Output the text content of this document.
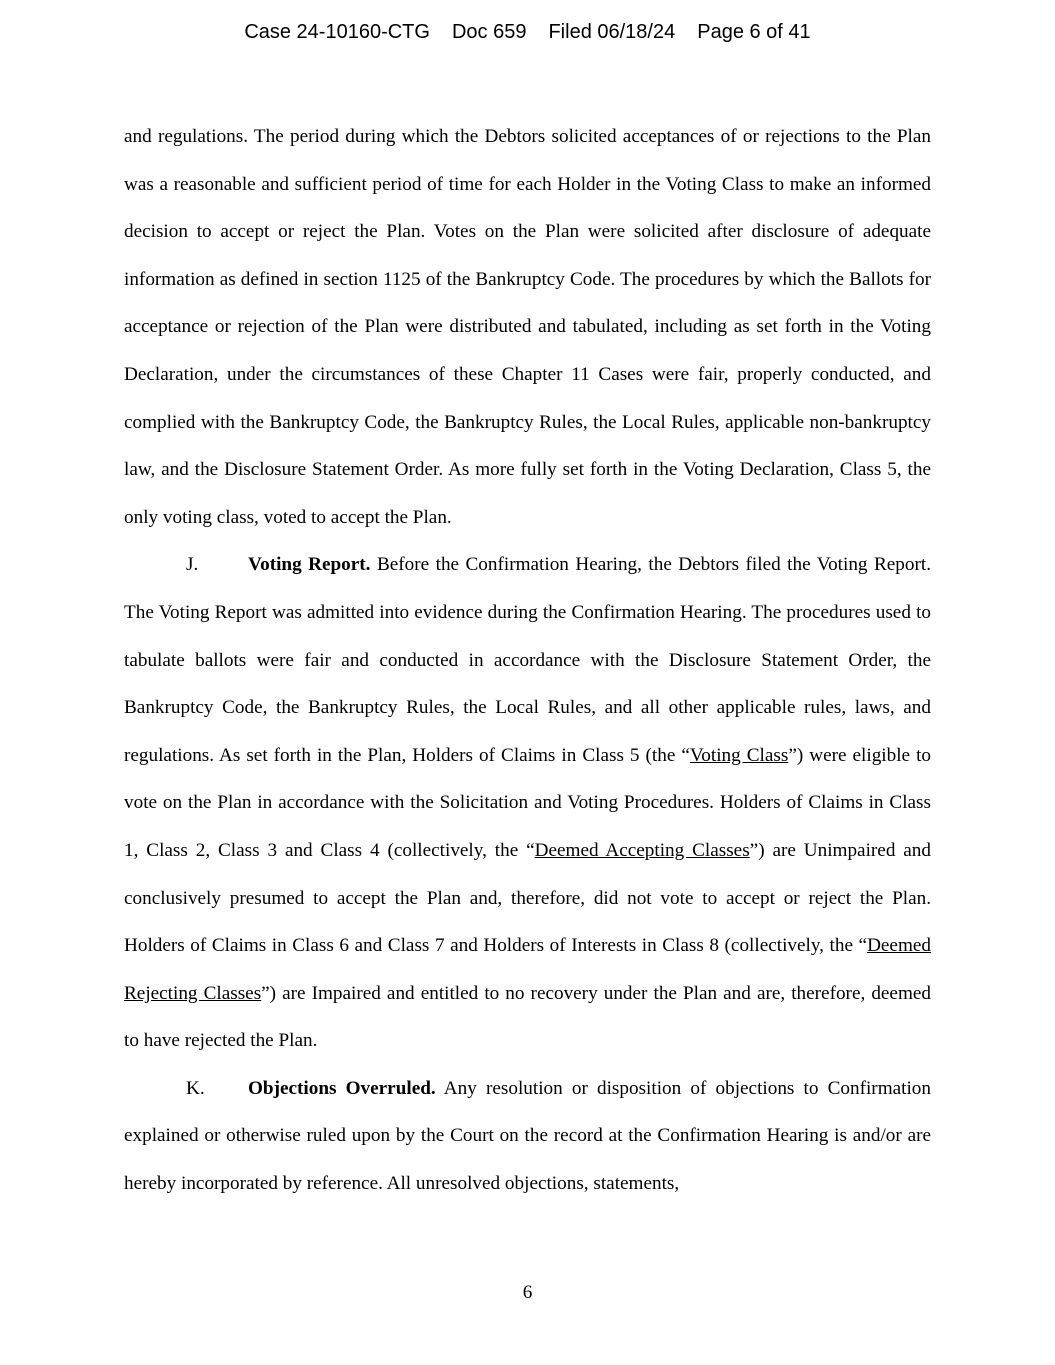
Case 24-10160-CTG Doc 659 Filed 06/18/24 Page 6 of 41

and regulations. The period during which the Debtors solicited acceptances of or rejections to the Plan was a reasonable and sufficient period of time for each Holder in the Voting Class to make an informed decision to accept or reject the Plan. Votes on the Plan were solicited after disclosure of adequate information as defined in section 1125 of the Bankruptcy Code. The procedures by which the Ballots for acceptance or rejection of the Plan were distributed and tabulated, including as set forth in the Voting Declaration, under the circumstances of these Chapter 11 Cases were fair, properly conducted, and complied with the Bankruptcy Code, the Bankruptcy Rules, the Local Rules, applicable non-bankruptcy law, and the Disclosure Statement Order. As more fully set forth in the Voting Declaration, Class 5, the only voting class, voted to accept the Plan.

J.	Voting Report. Before the Confirmation Hearing, the Debtors filed the Voting Report. The Voting Report was admitted into evidence during the Confirmation Hearing. The procedures used to tabulate ballots were fair and conducted in accordance with the Disclosure Statement Order, the Bankruptcy Code, the Bankruptcy Rules, the Local Rules, and all other applicable rules, laws, and regulations. As set forth in the Plan, Holders of Claims in Class 5 (the “Voting Class”) were eligible to vote on the Plan in accordance with the Solicitation and Voting Procedures. Holders of Claims in Class 1, Class 2, Class 3 and Class 4 (collectively, the “Deemed Accepting Classes”) are Unimpaired and conclusively presumed to accept the Plan and, therefore, did not vote to accept or reject the Plan. Holders of Claims in Class 6 and Class 7 and Holders of Interests in Class 8 (collectively, the “Deemed Rejecting Classes”) are Impaired and entitled to no recovery under the Plan and are, therefore, deemed to have rejected the Plan.

K. Objections Overruled. Any resolution or disposition of objections to Confirmation explained or otherwise ruled upon by the Court on the record at the Confirmation Hearing is and/or are hereby incorporated by reference. All unresolved objections, statements,

6
